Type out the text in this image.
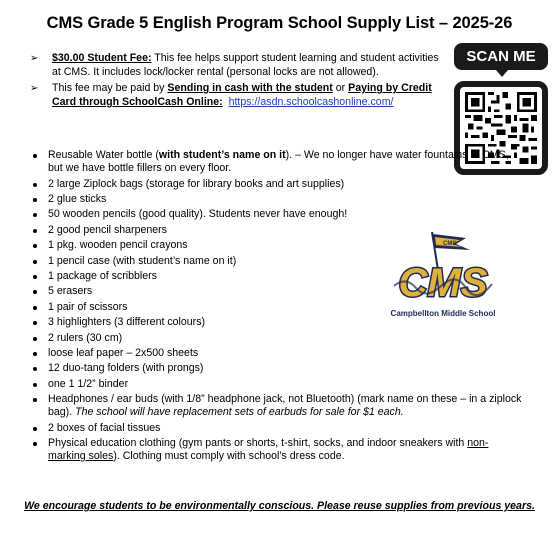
CMS Grade 5 English Program School Supply List – 2025-26
➢ $30.00 Student Fee: This fee helps support student learning and student activities at CMS. It includes lock/locker rental (personal locks are not allowed).
➢ This fee may be paid by Sending in cash with the student or Paying by Credit Card through SchoolCash Online: https://asdn.schoolcashonline.com/
SCAN ME
Reusable Water bottle (with student’s name on it). – We no longer have water fountains at CMS, but we have bottle fillers on every floor.
2 large Ziplock bags (storage for library books and art supplies)
2 glue sticks
50 wooden pencils (good quality). Students never have enough!
2 good pencil sharpeners
1 pkg. wooden pencil crayons
1 pencil case (with student’s name on it)
1 package of scribblers
5 erasers
1 pair of scissors
3 highlighters (3 different colours)
2 rulers (30 cm)
loose leaf paper – 2x500 sheets
12 duo-tang folders (with prongs)
one 1 1/2” binder
Headphones / ear buds (with 1/8” headphone jack, not Bluetooth) (mark name on these – in a ziplock bag). The school will have replacement sets of earbuds for sale for $1 each.
2 boxes of facial tissues
Physical education clothing (gym pants or shorts, t-shirt, socks, and indoor sneakers with non-marking soles). Clothing must comply with school’s dress code.
CMS
CMS
Campbellton Middle School
We encourage students to be environmentally conscious. Please reuse supplies from previous years.
